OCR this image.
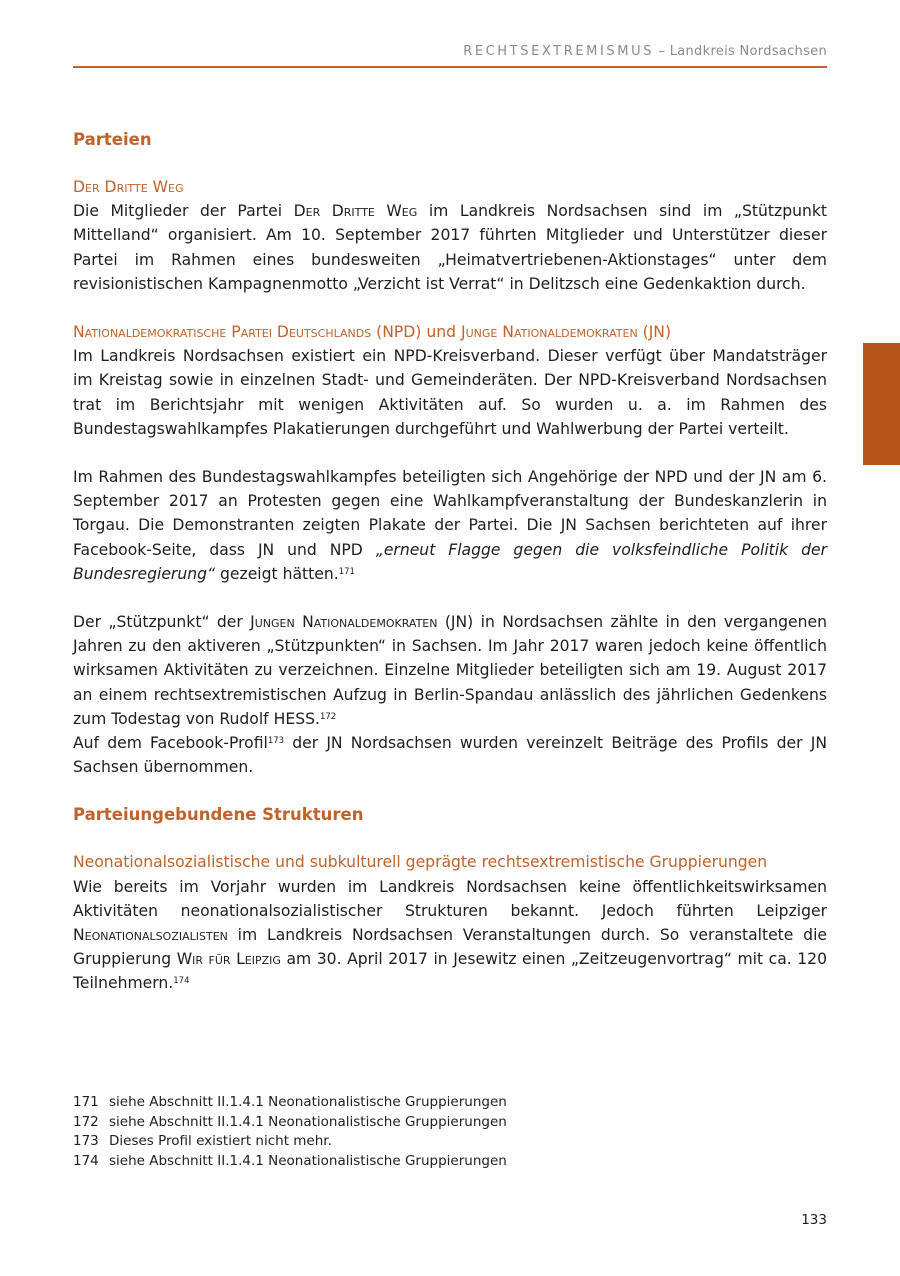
RECHTSEXTREMISMUS – Landkreis Nordsachsen
Parteien
Der Dritte Weg

Die Mitglieder der Partei Der Dritte Weg im Landkreis Nordsachsen sind im „Stützpunkt Mittelland“ organisiert. Am 10. September 2017 führten Mitglieder und Unterstützer dieser Partei im Rahmen eines bundesweiten „Heimatvertriebenen-Aktionstages“ unter dem revisionistischen Kampagnenmotto „Verzicht ist Verrat“ in Delitzsch eine Gedenkaktion durch.

Nationaldemokratische Partei Deutschlands (NPD) und Junge Nationaldemokraten (JN)

Im Landkreis Nordsachsen existiert ein NPD-Kreisverband. Dieser verfügt über Mandatsträger im Kreistag sowie in einzelnen Stadt- und Gemeinderäten. Der NPD-Kreisverband Nordsachsen trat im Berichtsjahr mit wenigen Aktivitäten auf. So wurden u. a. im Rahmen des Bundestagswahlkampfes Plakatierungen durchgeführt und Wahlwerbung der Partei verteilt.

Im Rahmen des Bundestagswahlkampfes beteiligten sich Angehörige der NPD und der JN am 6. September 2017 an Protesten gegen eine Wahlkampfveranstaltung der Bundeskanzlerin in Torgau. Die Demonstranten zeigten Plakate der Partei. Die JN Sachsen berichteten auf ihrer Facebook-Seite, dass JN und NPD „erneut Flagge gegen die volksfeindliche Politik der Bundesregierung“ gezeigt hätten.$^{171}$

Der „Stützpunkt“ der Jungen Nationaldemokraten (JN) in Nordsachsen zählte in den vergangenen Jahren zu den aktiveren „Stützpunkten“ in Sachsen. Im Jahr 2017 waren jedoch keine öffentlich wirksamen Aktivitäten zu verzeichnen. Einzelne Mitglieder beteiligten sich am 19. August 2017 an einem rechtsextremistischen Aufzug in Berlin-Spandau anlässlich des jährlichen Gedenkens zum Todestag von Rudolf HESS.$^{172}$

Auf dem Facebook-Profil$^{173}$ der JN Nordsachsen wurden vereinzelt Beiträge des Profils der JN Sachsen übernommen.

Parteiungebundene Strukturen
Neonationalsozialistische und subkulturell geprägte rechtsextremistische Gruppierungen

Wie bereits im Vorjahr wurden im Landkreis Nordsachsen keine öffentlichkeitswirksamen Aktivitäten neonationalsozialistischer Strukturen bekannt. Jedoch führten Leipziger Neonationalsozialisten im Landkreis Nordsachsen Veranstaltungen durch. So veranstaltete die Gruppierung Wir für Leipzig am 30. April 2017 in Jesewitz einen „Zeitzeugenvortrag“ mit ca. 120 Teilnehmern.$^{174}$

171 siehe Abschnitt II.1.4.1 Neonationalistische Gruppierungen
172 siehe Abschnitt II.1.4.1 Neonationalistische Gruppierungen
173 Dieses Profil existiert nicht mehr.
174 siehe Abschnitt II.1.4.1 Neonationalistische Gruppierungen
133
